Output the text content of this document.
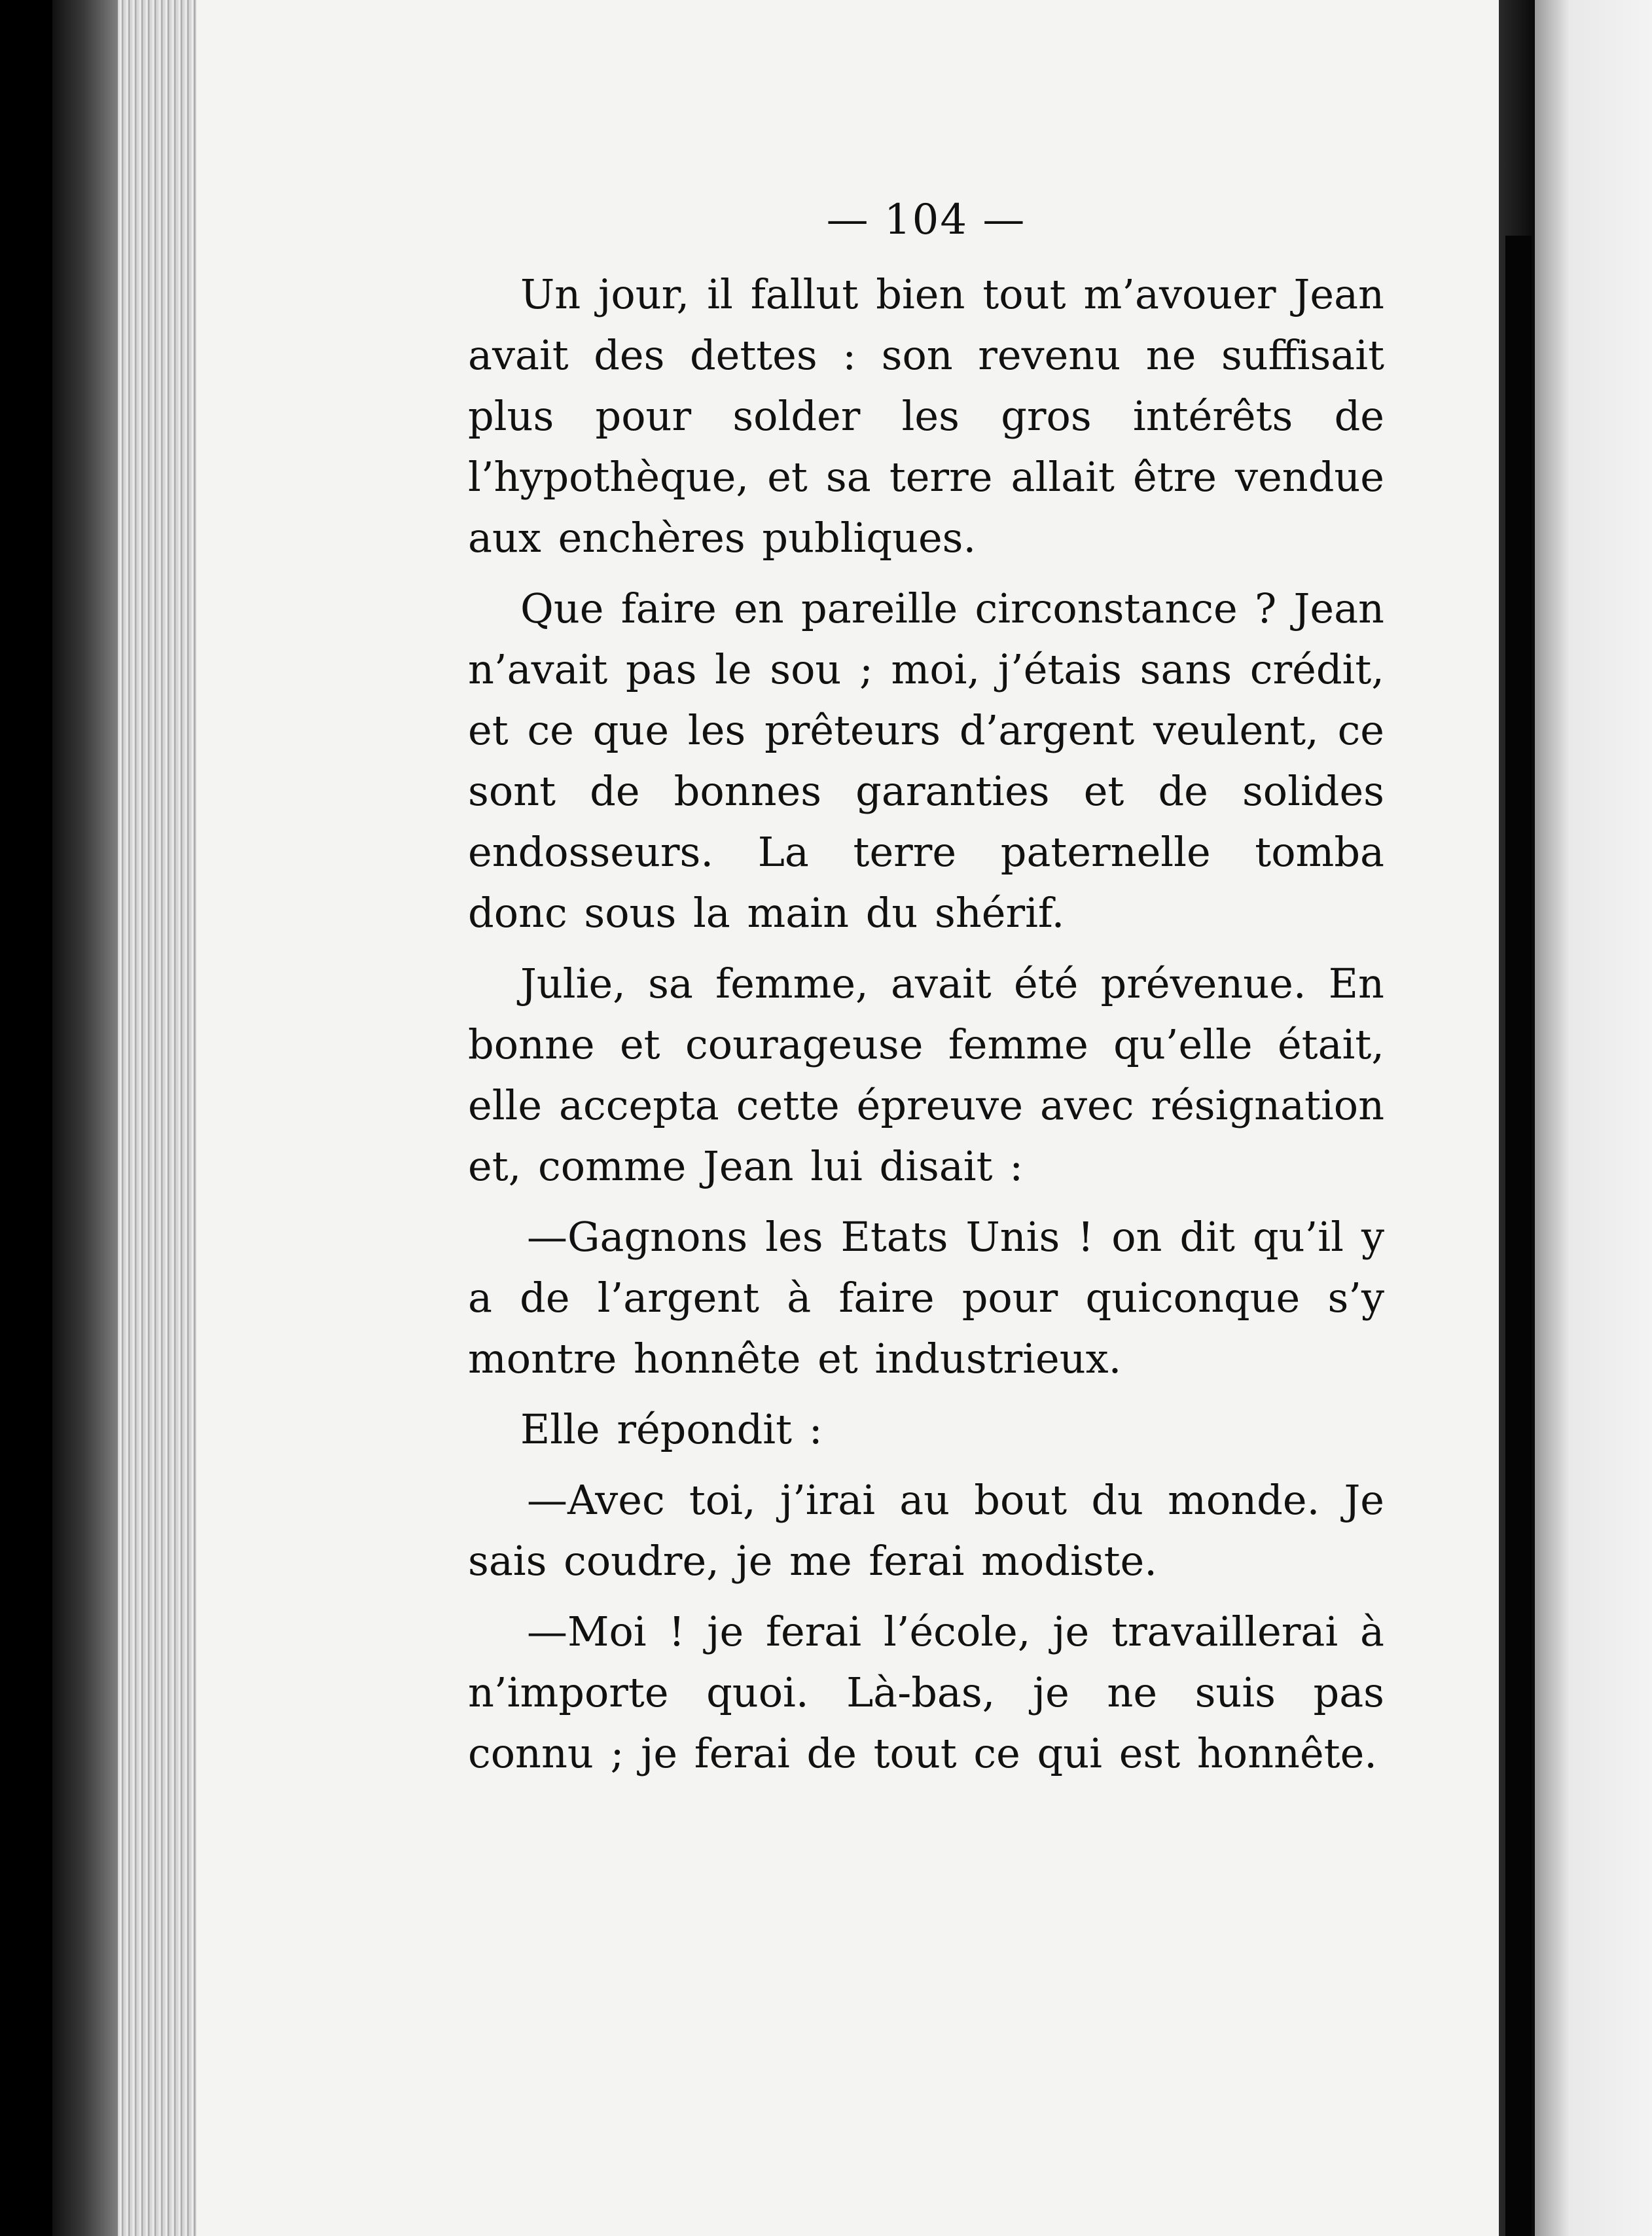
— 104 —

Un jour, il fallut bien tout m’avouer Jean avait des dettes : son revenu ne suffisait plus pour solder les gros intérêts de l’hypothèque, et sa terre allait être vendue aux enchères publiques.

Que faire en pareille circonstance ? Jean n’avait pas le sou ; moi, j’étais sans crédit, et ce que les prêteurs d’argent veulent, ce sont de bonnes garanties et de solides endosseurs. La terre paternelle tomba donc sous la main du shérif.

Julie, sa femme, avait été prévenue. En bonne et courageuse femme qu’elle était, elle accepta cette épreuve avec résignation et, comme Jean lui disait :

—Gagnons les Etats Unis ! on dit qu’il y a de l’argent à faire pour quiconque s’y montre honnête et industrieux.

Elle répondit :

—Avec toi, j’irai au bout du monde. Je sais coudre, je me ferai modiste.

—Moi ! je ferai l’école, je travaillerai à n’importe quoi. Là-bas, je ne suis pas connu ; je ferai de tout ce qui est honnête.
